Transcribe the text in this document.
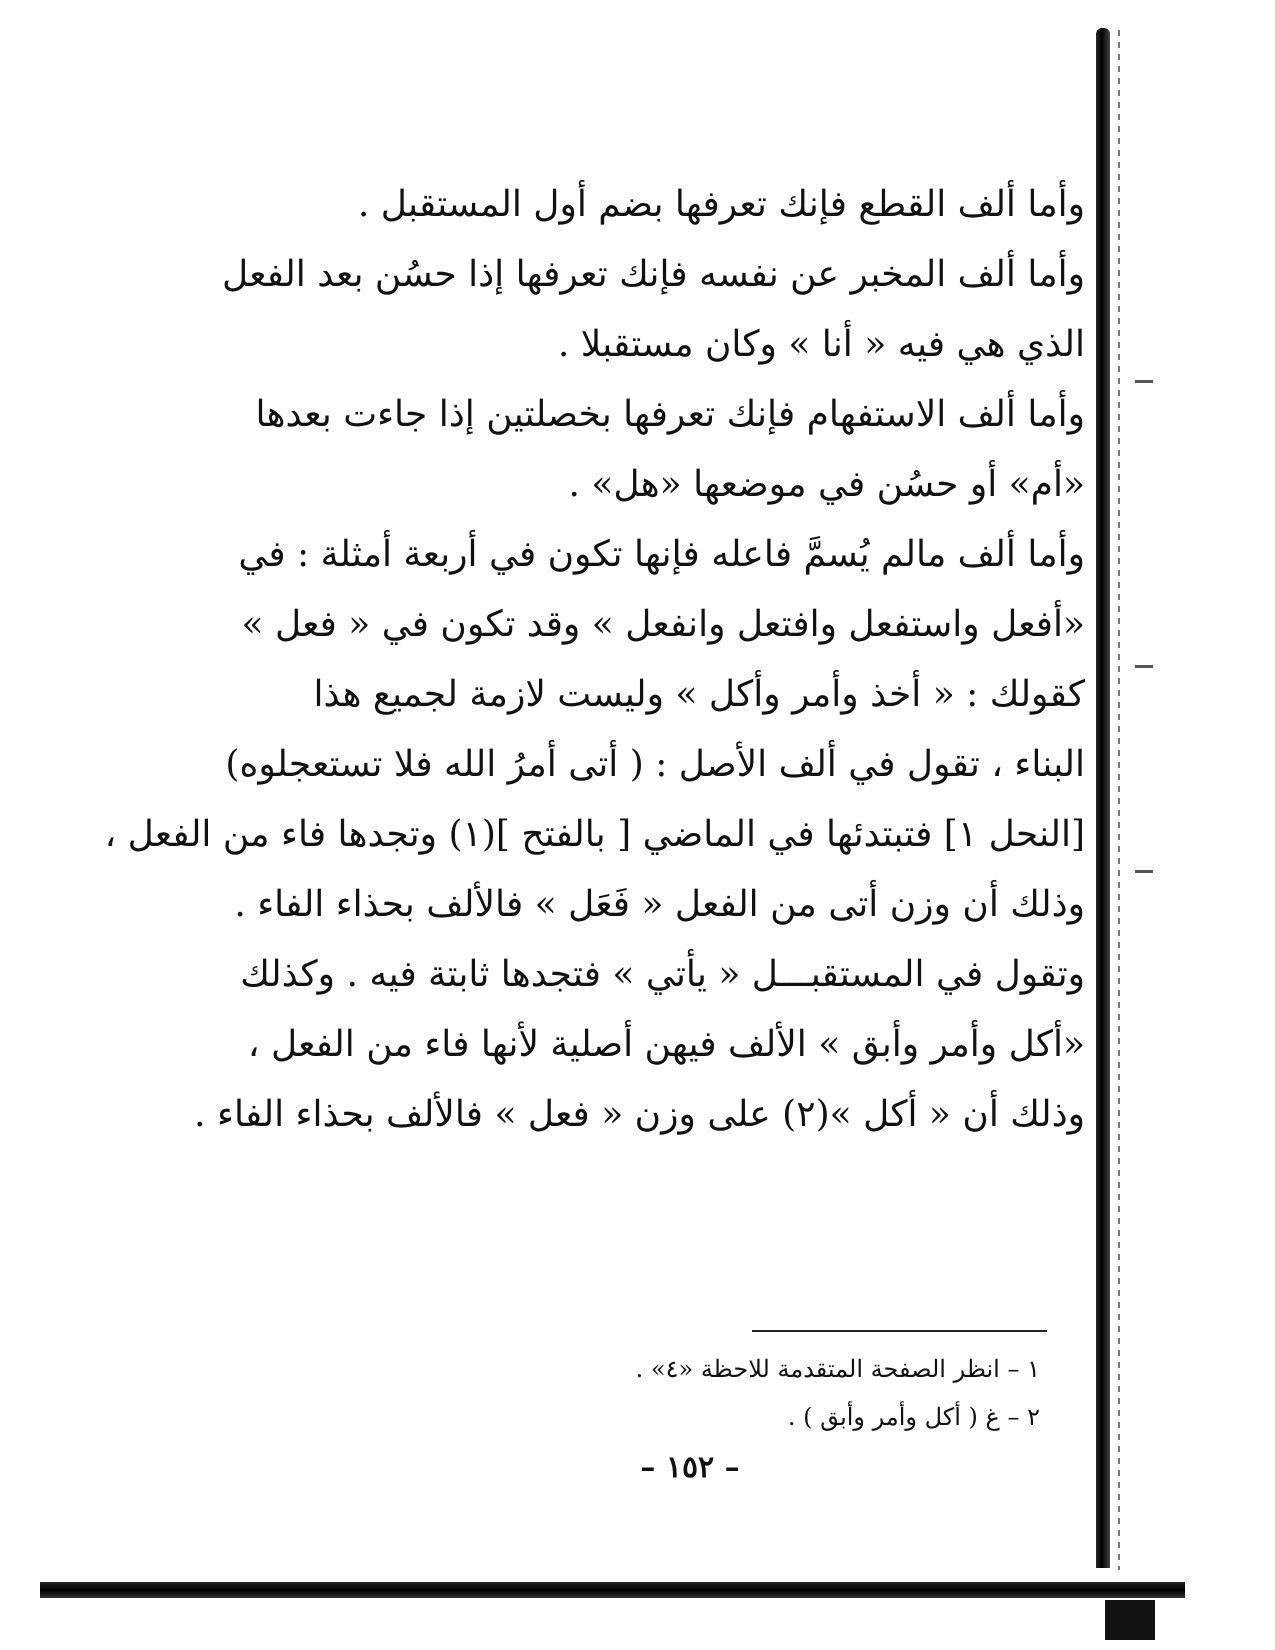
وأما ألف القطع فإنك تعرفها بضم أول المستقبل .
وأما ألف المخبر عن نفسه فإنك تعرفها إذا حسُن بعد الفعل
الذي هي فيه « أنا » وكان مستقبلا .
وأما ألف الاستفهام فإنك تعرفها بخصلتين إذا جاءت بعدها
«أم» أو حسُن في موضعها «هل» .
وأما ألف مالم يُسمَّ فاعله فإنها تكون في أربعة أمثلة : في
«أفعل واستفعل وافتعل وانفعل » وقد تكون في « فعل »
كقولك : « أخذ وأمر وأكل » وليست لازمة لجميع هذا
البناء ، تقول في ألف الأصل : ( أتى أمرُ الله فلا تستعجلوه)
[النحل ١] فتبتدئها في الماضي [ بالفتح ](١) وتجدها فاء من الفعل ،
وذلك أن وزن أتى من الفعل « فَعَل » فالألف بحذاء الفاء .
وتقول في المستقبـــل « يأتي » فتجدها ثابتة فيه . وكذلك
«أكل وأمر وأبق » الألف فيهن أصلية لأنها فاء من الفعل ،
وذلك أن « أكل »(٢) على وزن « فعل » فالألف بحذاء الفاء .
١ – انظر الصفحة المتقدمة للاحظة «٤» .
٢ – غ ( أكل وأمر وأبق ) .
– ١٥٢ –
